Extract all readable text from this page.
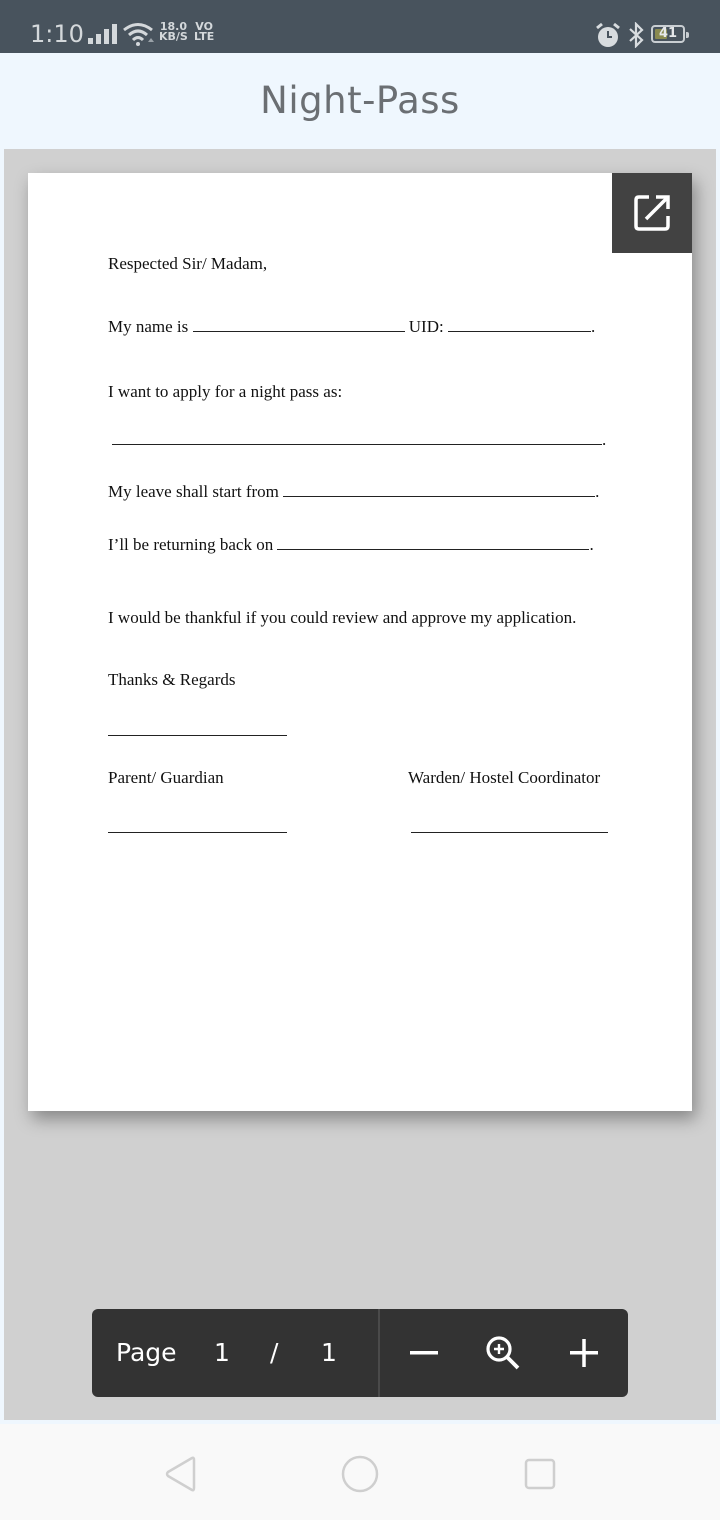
1:10	18.0
KB/S
VO
LTE	41
Night-Pass
Respected Sir/ Madam,
My name is	UID:	.
I want to apply for a night pass as:
.
My leave shall start from	.
I’ll be returning back on	.
I would be thankful if you could review and approve my application.
Thanks & Regards
Parent/ Guardian	Warden/ Hostel Coordinator
Page 1 / 1
